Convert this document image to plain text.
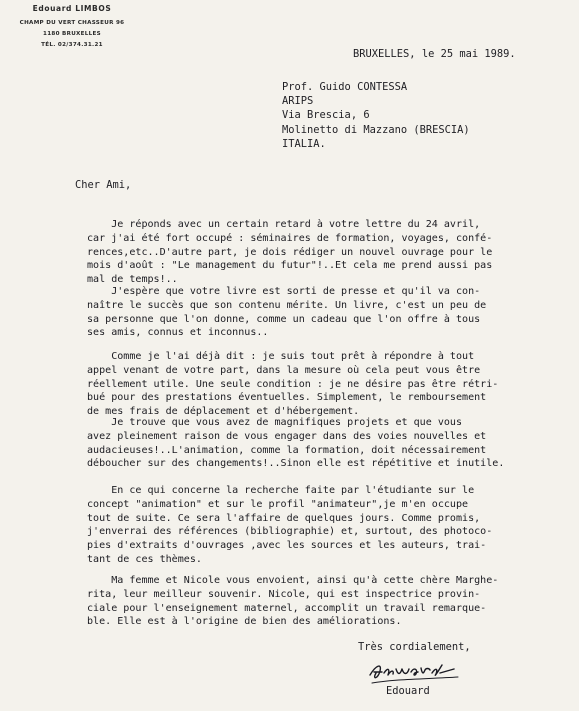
Edouard LIMBOS
CHAMP DU VERT CHASSEUR 96
1180 BRUXELLES
TÉL. 02/374.31.21
BRUXELLES, le 25 mai 1989.
Prof. Guido CONTESSA
ARIPS
Via Brescia, 6
Molinetto di Mazzano (BRESCIA)
ITALIA.
Cher Ami,
Je réponds avec un certain retard à votre lettre du 24 avril,
car j'ai été fort occupé : séminaires de formation, voyages, confé-
rences,etc..D'autre part, je dois rédiger un nouvel ouvrage pour le
mois d'août : "Le management du futur"!..Et cela me prend aussi pas
mal de temps!..
J'espère que votre livre est sorti de presse et qu'il va con-
naître le succès que son contenu mérite. Un livre, c'est un peu de
sa personne que l'on donne, comme un cadeau que l'on offre à tous
ses amis, connus et inconnus..
Comme je l'ai déjà dit : je suis tout prêt à répondre à tout
appel venant de votre part, dans la mesure où cela peut vous être
réellement utile. Une seule condition : je ne désire pas être rétri-
bué pour des prestations éventuelles. Simplement, le remboursement
de mes frais de déplacement et d'hébergement.
Je trouve que vous avez de magnifiques projets et que vous
avez pleinement raison de vous engager dans des voies nouvelles et
audacieuses!..L'animation, comme la formation, doit nécessairement
déboucher sur des changements!..Sinon elle est répétitive et inutile.
En ce qui concerne la recherche faite par l'étudiante sur le
concept "animation" et sur le profil "animateur",je m'en occupe
tout de suite. Ce sera l'affaire de quelques jours. Comme promis,
j'enverrai des références (bibliographie) et, surtout, des photoco-
pies d'extraits d'ouvrages ,avec les sources et les auteurs, trai-
tant de ces thèmes.
Ma femme et Nicole vous envoient, ainsi qu'à cette chère Marghe-
rita, leur meilleur souvenir. Nicole, qui est inspectrice provin-
ciale pour l'enseignement maternel, accomplit un travail remarque-
ble. Elle est à l'origine de bien des améliorations.
Très cordialement,
Edouard
